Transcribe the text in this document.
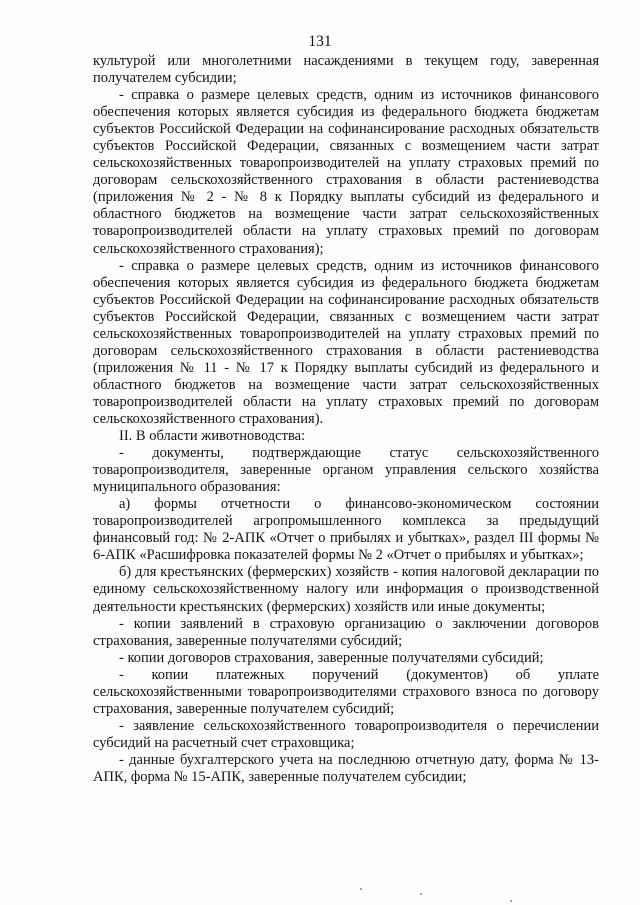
131

культурой или многолетними насаждениями в текущем году, заверенная получателем субсидии;

- справка о размере целевых средств, одним из источников финансового обеспечения которых является субсидия из федерального бюджета бюджетам субъектов Российской Федерации на софинансирование расходных обязательств субъектов Российской Федерации, связанных с возмещением части затрат сельскохозяйственных товаропроизводителей на уплату страховых премий по договорам сельскохозяйственного страхования в области растениеводства (приложения № 2 - № 8 к Порядку выплаты субсидий из федерального и областного бюджетов на возмещение части затрат сельскохозяйственных товаропроизводителей области на уплату страховых премий по договорам сельскохозяйственного страхования);

- справка о размере целевых средств, одним из источников финансового обеспечения которых является субсидия из федерального бюджета бюджетам субъектов Российской Федерации на софинансирование расходных обязательств субъектов Российской Федерации, связанных с возмещением части затрат сельскохозяйственных товаропроизводителей на уплату страховых премий по договорам сельскохозяйственного страхования в области растениеводства (приложения № 11 - № 17 к Порядку выплаты субсидий из федерального и областного бюджетов на возмещение части затрат сельскохозяйственных товаропроизводителей области на уплату страховых премий по договорам сельскохозяйственного страхования).

II. В области животноводства:

- документы, подтверждающие статус сельскохозяйственного товаропроизводителя, заверенные органом управления сельского хозяйства муниципального образования:

а) формы отчетности о финансово-экономическом состоянии товаропроизводителей агропромышленного комплекса за предыдущий финансовый год: № 2-АПК «Отчет о прибылях и убытках», раздел III формы № 6-АПК «Расшифровка показателей формы № 2 «Отчет о прибылях и убытках»;

б) для крестьянских (фермерских) хозяйств - копия налоговой декларации по единому сельскохозяйственному налогу или информация о производственной деятельности крестьянских (фермерских) хозяйств или иные документы;

- копии заявлений в страховую организацию о заключении договоров страхования, заверенные получателями субсидий;

- копии договоров страхования, заверенные получателями субсидий;

- копии платежных поручений (документов) об уплате сельскохозяйственными товаропроизводителями страхового взноса по договору страхования, заверенные получателем субсидий;

- заявление сельскохозяйственного товаропроизводителя о перечислении субсидий на расчетный счет страховщика;

- данные бухгалтерского учета на последнюю отчетную дату, форма № 13-АПК, форма № 15-АПК, заверенные получателем субсидии;
